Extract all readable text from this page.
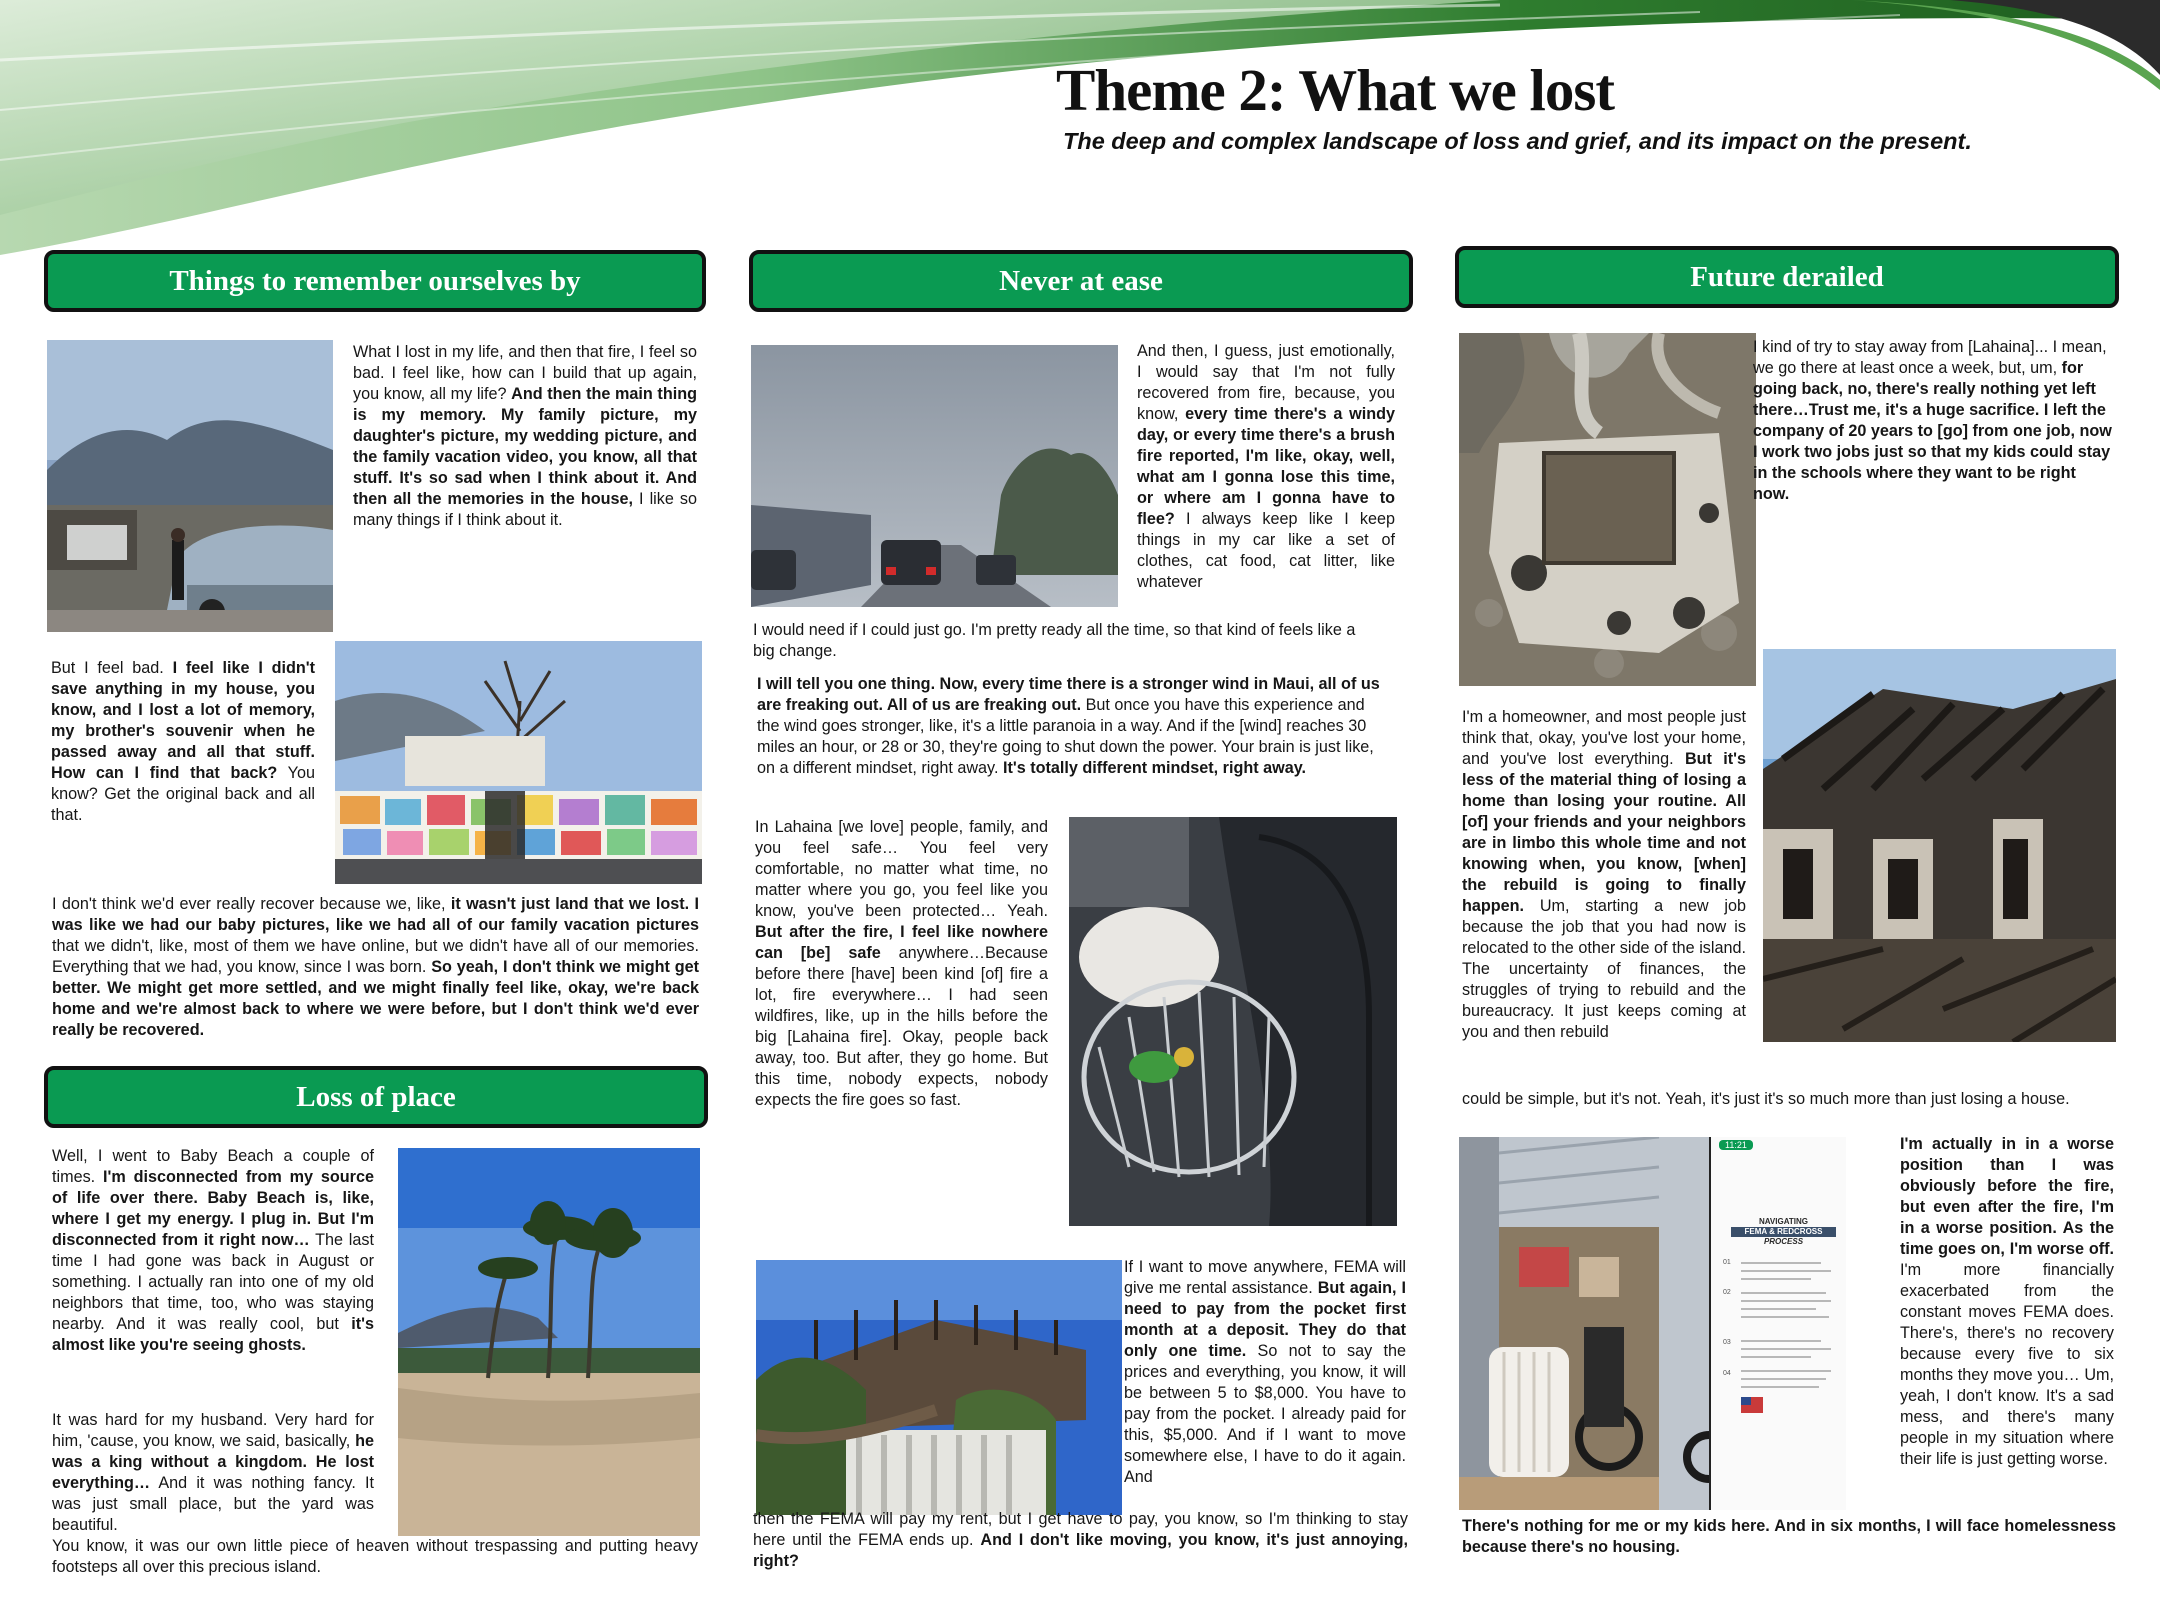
Theme 2: What we lost
The deep and complex landscape of loss and grief, and its impact on the present.
Things to remember ourselves by	Never at ease	Future derailed
Loss of place
What I lost in my life, and then that fire, I feel so bad. I feel like, how can I build that up again, you know, all my life? And then the main thing is my memory. My family picture, my daughter's picture, my wedding picture, and the family vacation video, you know, all that stuff. It's so sad when I think about it. And then all the memories in the house, I like so many things if I think about it.
But I feel bad. I feel like I didn't save anything in my house, you know, and I lost a lot of memory, my brother's souvenir when he passed away and all that stuff. How can I find that back? You know? Get the original back and all that.
I don't think we'd ever really recover because we, like, it wasn't just land that we lost. I was like we had our baby pictures, like we had all of our family vacation pictures that we didn't, like, most of them we have online, but we didn't have all of our memories. Everything that we had, you know, since I was born. So yeah, I don't think we might get better. We might get more settled, and we might finally feel like, okay, we're back home and we're almost back to where we were before, but I don't think we'd ever really be recovered.
Well, I went to Baby Beach a couple of times. I'm disconnected from my source of life over there. Baby Beach is, like, where I get my energy. I plug in. But I'm disconnected from it right now… The last time I had gone was back in August or something. I actually ran into one of my old neighbors that time, too, who was staying nearby. And it was really cool, but it's almost like you're seeing ghosts.
It was hard for my husband. Very hard for him, 'cause, you know, we said, basically, he was a king without a kingdom. He lost everything… And it was nothing fancy. It was just small place, but the yard was beautiful.
You know, it was our own little piece of heaven without trespassing and putting heavy footsteps all over this precious island.
And then, I guess, just emotionally, I would say that I'm not fully recovered from fire, because, you know, every time there's a windy day, or every time there's a brush fire reported, I'm like, okay, well, what am I gonna lose this time, or where am I gonna have to flee? I always keep like I keep things in my car like a set of clothes, cat food, cat litter, like whatever
I would need if I could just go. I'm pretty ready all the time, so that kind of feels like a big change.
I will tell you one thing. Now, every time there is a stronger wind in Maui, all of us are freaking out. All of us are freaking out. But once you have this experience and the wind goes stronger, like, it's a little paranoia in a way. And if the [wind] reaches 30 miles an hour, or 28 or 30, they're going to shut down the power. Your brain is just like, on a different mindset, right away. It's totally different mindset, right away.
In Lahaina [we love] people, family, and you feel safe… You feel very comfortable, no matter what time, no matter where you go, you feel like you know, you've been protected… Yeah. But after the fire, I feel like nowhere can [be] safe anywhere…Because before there [have] been kind [of] fire a lot, fire everywhere… I had seen wildfires, like, up in the hills before the big [Lahaina fire]. Okay, people back away, too. But after, they go home. But this time, nobody expects, nobody expects the fire goes so fast.
If I want to move anywhere, FEMA will give me rental assistance. But again, I need to pay from the pocket first month at a deposit. They do that only one time. So not to say the prices and everything, you know, it will be between 5 to $8,000. You have to pay from the pocket. I already paid for this, $5,000. And if I want to move somewhere else, I have to do it again. And
then the FEMA will pay my rent, but I get have to pay, you know, so I'm thinking to stay here until the FEMA ends up. And I don't like moving, you know, it's just annoying, right?
I kind of try to stay away from [Lahaina]... I mean, we go there at least once a week, but, um, for going back, no, there's really nothing yet left there…Trust me, it's a huge sacrifice. I left the company of 20 years to [go] from one job, now I work two jobs just so that my kids could stay in the schools where they want to be right now.
I'm a homeowner, and most people just think that, okay, you've lost your home, and you've lost everything. But it's less of the material thing of losing a home than losing your routine. All [of] your friends and your neighbors are in limbo this whole time and not knowing when, you know, [when] the rebuild is going to finally happen. Um, starting a new job because the job that you had now is relocated to the other side of the island. The uncertainty of finances, the struggles of trying to rebuild and the bureaucracy. It just keeps coming at you and then rebuild
could be simple, but it's not. Yeah, it's just it's so much more than just losing a house.
11:21
NAVIGATING
FEMA & REDCROSS
PROCESS
01
02
03
04
I'm actually in in a worse position than I was obviously before the fire, but even after the fire, I'm in a worse position. As the time goes on, I'm worse off. I'm more financially exacerbated from the constant moves FEMA does. There's, there's no recovery because every five to six months they move you… Um, yeah, I don't know. It's a sad mess, and there's many people in my situation where their life is just getting worse.
There's nothing for me or my kids here. And in six months, I will face homelessness because there's no housing.
